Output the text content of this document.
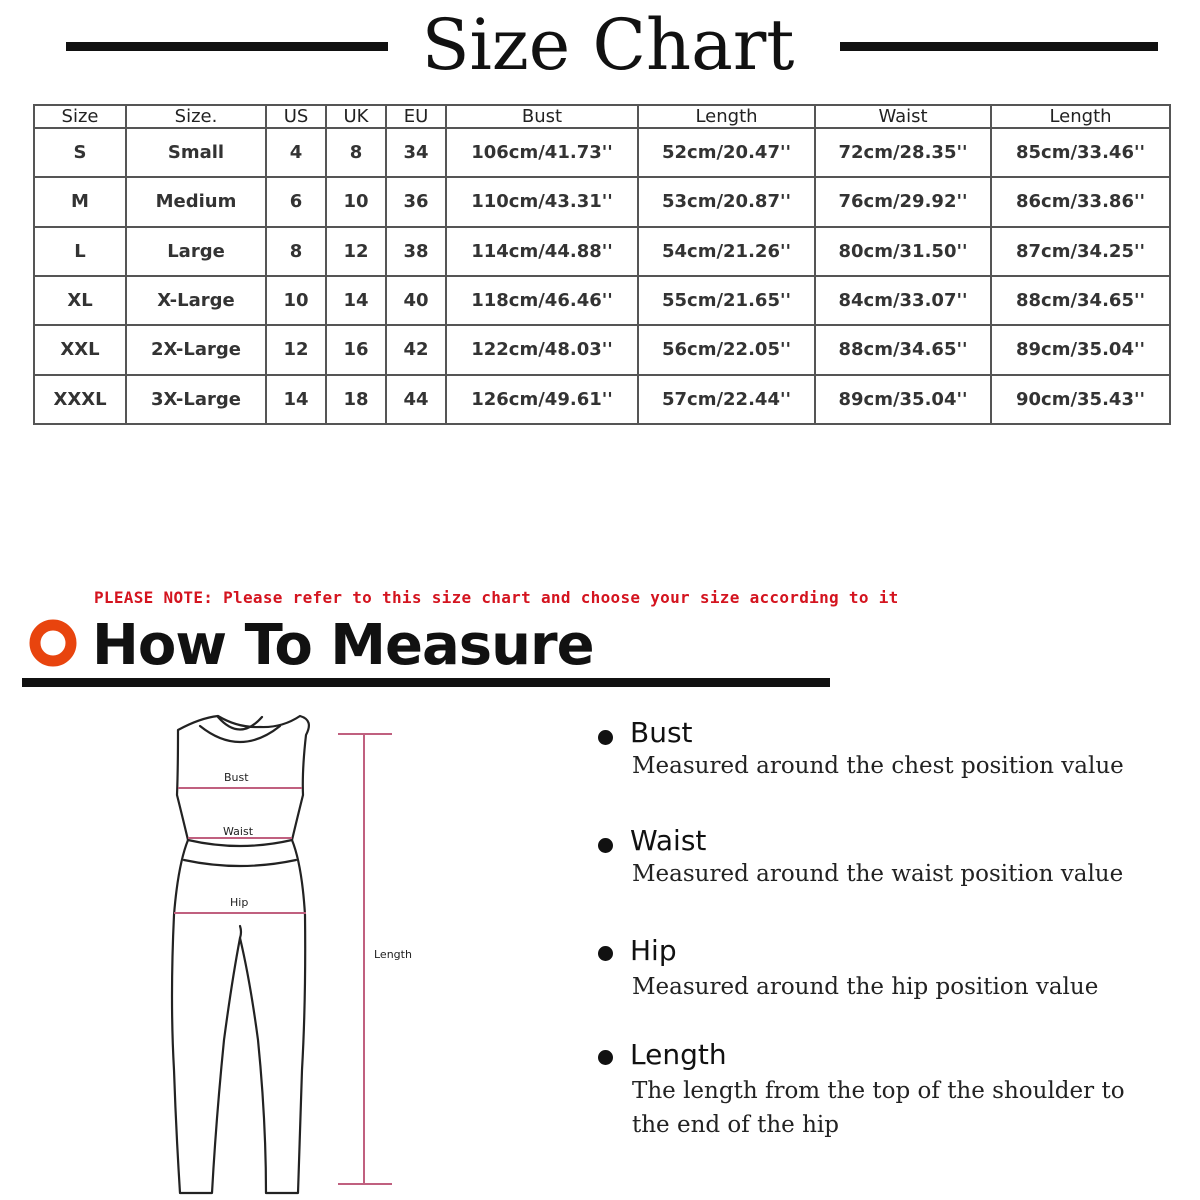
Size Chart
Size	Size.	US	UK	EU	Bust	Length	Waist	Length
S	Small	4	8	34	106cm/41.73''	52cm/20.47''	72cm/28.35''	85cm/33.46''
M	Medium	6	10	36	110cm/43.31''	53cm/20.87''	76cm/29.92''	86cm/33.86''
L	Large	8	12	38	114cm/44.88''	54cm/21.26''	80cm/31.50''	87cm/34.25''
XL	X-Large	10	14	40	118cm/46.46''	55cm/21.65''	84cm/33.07''	88cm/34.65''
XXL	2X-Large	12	16	42	122cm/48.03''	56cm/22.05''	88cm/34.65''	89cm/35.04''
XXXL	3X-Large	14	18	44	126cm/49.61''	57cm/22.44''	89cm/35.04''	90cm/35.43''
PLEASE NOTE: Please refer to this size chart and choose your size according to it
How To Measure
Bust
Waist
Hip
Length
Bust
Measured around the chest position value
Waist
Measured around the waist position value
Hip
Measured around the hip position value
Length
The length from the top of the shoulder to the end of the hip
